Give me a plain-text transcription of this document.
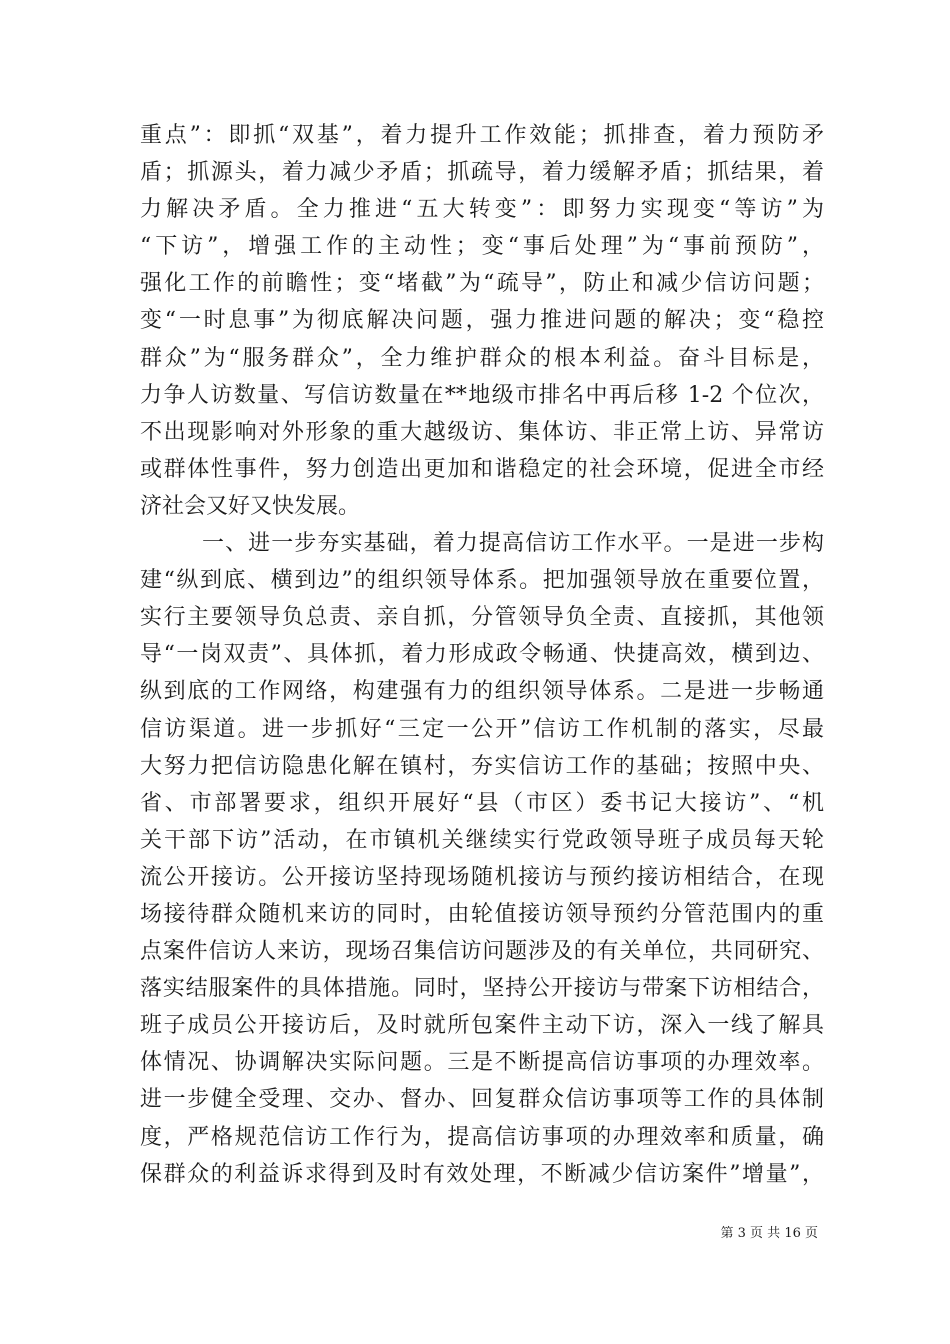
重点”：即抓“双基”，着力提升工作效能；抓排查，着力预防矛
盾；抓源头，着力减少矛盾；抓疏导，着力缓解矛盾；抓结果，着
力解决矛盾。全力推进“五大转变”：即努力实现变“等访”为
“下访”，增强工作的主动性；变“事后处理”为“事前预防”，
强化工作的前瞻性；变“堵截”为“疏导”，防止和减少信访问题；
变“一时息事”为彻底解决问题，强力推进问题的解决；变“稳控
群众”为“服务群众”，全力维护群众的根本利益。奋斗目标是，
力争人访数量、写信访数量在**地级市排名中再后移 1-2 个位次，
不出现影响对外形象的重大越级访、集体访、非正常上访、异常访
或群体性事件，努力创造出更加和谐稳定的社会环境，促进全市经
济社会又好又快发展。
一、进一步夯实基础，着力提高信访工作水平。一是进一步构
建“纵到底、横到边”的组织领导体系。把加强领导放在重要位置，
实行主要领导负总责、亲自抓，分管领导负全责、直接抓，其他领
导“一岗双责”、具体抓，着力形成政令畅通、快捷高效，横到边、
纵到底的工作网络，构建强有力的组织领导体系。二是进一步畅通
信访渠道。进一步抓好“三定一公开”信访工作机制的落实，尽最
大努力把信访隐患化解在镇村，夯实信访工作的基础；按照中央、
省、市部署要求，组织开展好“县（市区）委书记大接访”、“机
关干部下访”活动，在市镇机关继续实行党政领导班子成员每天轮
流公开接访。公开接访坚持现场随机接访与预约接访相结合，在现
场接待群众随机来访的同时，由轮值接访领导预约分管范围内的重
点案件信访人来访，现场召集信访问题涉及的有关单位，共同研究、
落实结服案件的具体措施。同时，坚持公开接访与带案下访相结合，
班子成员公开接访后，及时就所包案件主动下访，深入一线了解具
体情况、协调解决实际问题。三是不断提高信访事项的办理效率。
进一步健全受理、交办、督办、回复群众信访事项等工作的具体制
度，严格规范信访工作行为，提高信访事项的办理效率和质量，确
保群众的利益诉求得到及时有效处理，不断减少信访案件”增量”，
第 3 页 共 16 页
